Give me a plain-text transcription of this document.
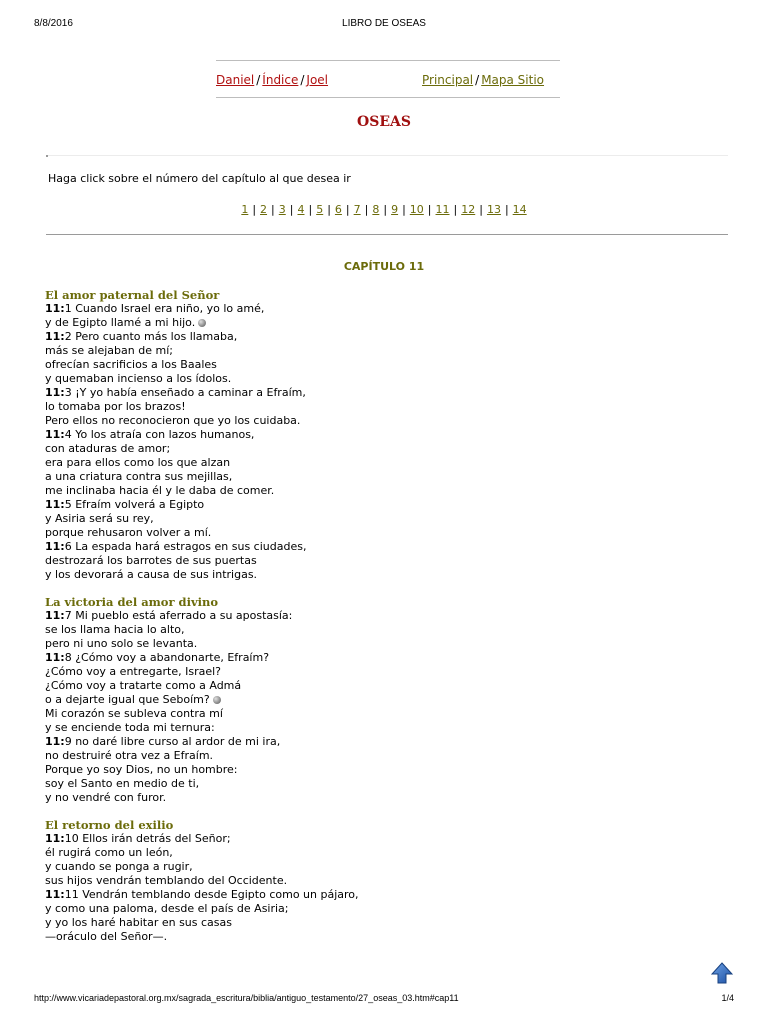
8/8/2016	LIBRO DE OSEAS
Daniel / Índice / Joel	Principal / Mapa Sitio
OSEAS
Haga click sobre el número del capítulo al que desea ir
1 | 2 | 3 | 4 | 5 | 6 | 7 | 8 | 9 | 10 | 11 | 12 | 13 | 14
CAPÍTULO 11
El amor paternal del Señor
11:1 Cuando Israel era niño, yo lo amé,
y de Egipto llamé a mi hijo.
11:2 Pero cuanto más los llamaba,
más se alejaban de mí;
ofrecían sacrificios a los Baales
y quemaban incienso a los ídolos.
11:3 ¡Y yo había enseñado a caminar a Efraím,
lo tomaba por los brazos!
Pero ellos no reconocieron que yo los cuidaba.
11:4 Yo los atraía con lazos humanos,
con ataduras de amor;
era para ellos como los que alzan
a una criatura contra sus mejillas,
me inclinaba hacia él y le daba de comer.
11:5 Efraím volverá a Egipto
y Asiria será su rey,
porque rehusaron volver a mí.
11:6 La espada hará estragos en sus ciudades,
destrozará los barrotes de sus puertas
y los devorará a causa de sus intrigas.
La victoria del amor divino
11:7 Mi pueblo está aferrado a su apostasía:
se los llama hacia lo alto,
pero ni uno solo se levanta.
11:8 ¿Cómo voy a abandonarte, Efraím?
¿Cómo voy a entregarte, Israel?
¿Cómo voy a tratarte como a Admá
o a dejarte igual que Seboím?
Mi corazón se subleva contra mí
y se enciende toda mi ternura:
11:9 no daré libre curso al ardor de mi ira,
no destruiré otra vez a Efraím.
Porque yo soy Dios, no un hombre:
soy el Santo en medio de ti,
y no vendré con furor.
El retorno del exilio
11:10 Ellos irán detrás del Señor;
él rugirá como un león,
y cuando se ponga a rugir,
sus hijos vendrán temblando del Occidente.
11:11 Vendrán temblando desde Egipto como un pájaro,
y como una paloma, desde el país de Asiria;
y yo los haré habitar en sus casas
—oráculo del Señor—.
http://www.vicariadepastoral.org.mx/sagrada_escritura/biblia/antiguo_testamento/27_oseas_03.htm#cap11	1/4
